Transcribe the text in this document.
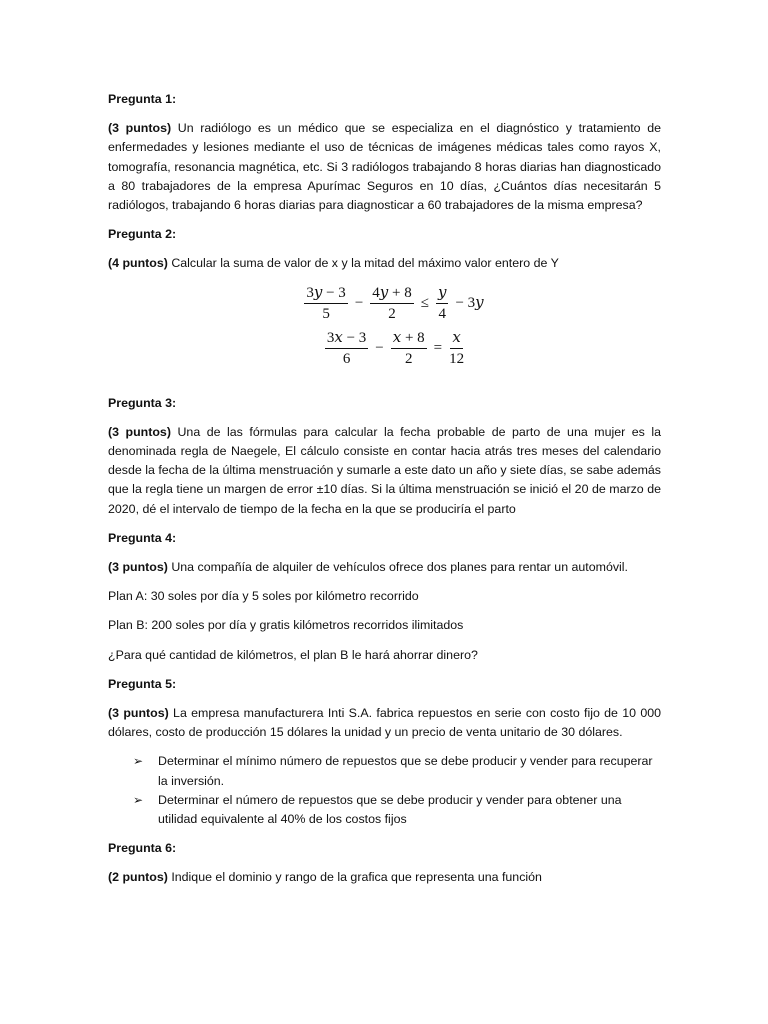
Pregunta 1:

(3 puntos) Un radiólogo es un médico que se especializa en el diagnóstico y tratamiento de enfermedades y lesiones mediante el uso de técnicas de imágenes médicas tales como rayos X, tomografía, resonancia magnética, etc. Si 3 radiólogos trabajando 8 horas diarias han diagnosticado a 80 trabajadores de la empresa Apurímac Seguros en 10 días, ¿Cuántos días necesitarán 5 radiólogos, trabajando 6 horas diarias para diagnosticar a 60 trabajadores de la misma empresa?

Pregunta 2:

(4 puntos) Calcular la suma de valor de x y la mitad del máximo valor entero de Y

$\frac{\text{3𝑦 − 3}}{5} - \frac{\text{4𝑦 + 8}}{2} \le \frac{\text{𝑦}}{4}$ − 3𝑦
$\frac{\text{3𝑥 − 3}}{6} - \frac{\text{𝑥 + 8}}{2} = \frac{\text{𝑥}}{12}$

Pregunta 3:

(3 puntos) Una de las fórmulas para calcular la fecha probable de parto de una mujer es la denominada regla de Naegele, El cálculo consiste en contar hacia atrás tres meses del calendario desde la fecha de la última menstruación y sumarle a este dato un año y siete días, se sabe además que la regla tiene un margen de error ±10 días. Si la última menstruación se inició el 20 de marzo de 2020, dé el intervalo de tiempo de la fecha en la que se produciría el parto

Pregunta 4:

(3 puntos) Una compañía de alquiler de vehículos ofrece dos planes para rentar un automóvil.

Plan A: 30 soles por día y 5 soles por kilómetro recorrido

Plan B: 200 soles por día y gratis kilómetros recorridos ilimitados

¿Para qué cantidad de kilómetros, el plan B le hará ahorrar dinero?

Pregunta 5:

(3 puntos) La empresa manufacturera Inti S.A. fabrica repuestos en serie con costo fijo de 10 000 dólares, costo de producción 15 dólares la unidad y un precio de venta unitario de 30 dólares.

➢ Determinar el mínimo número de repuestos que se debe producir y vender para recuperar la inversión.
➢ Determinar el número de repuestos que se debe producir y vender para obtener una utilidad equivalente al 40% de los costos fijos

Pregunta 6:

(2 puntos) Indique el dominio y rango de la grafica que representa una función
